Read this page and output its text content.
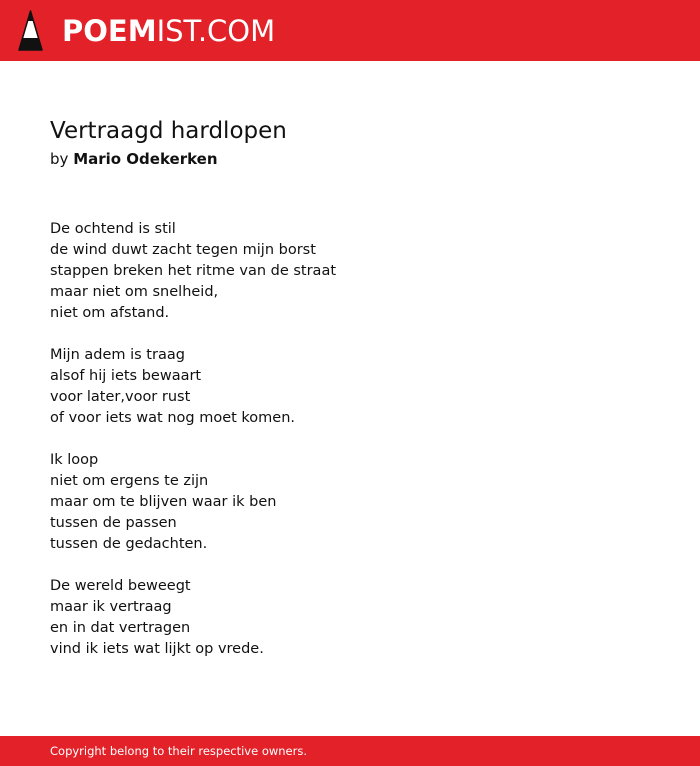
POEMIST.COM
Vertraagd hardlopen
by Mario Odekerken
De ochtend is stil
de wind duwt zacht tegen mijn borst
stappen breken het ritme van de straat
maar niet om snelheid,
niet om afstand.
Mijn adem is traag
alsof hij iets bewaart
voor later,voor rust
of voor iets wat nog moet komen.
Ik loop
niet om ergens te zijn
maar om te blijven waar ik ben
tussen de passen
tussen de gedachten.
De wereld beweegt
maar ik vertraag
en in dat vertragen
vind ik iets wat lijkt op vrede.
Copyright belong to their respective owners.
